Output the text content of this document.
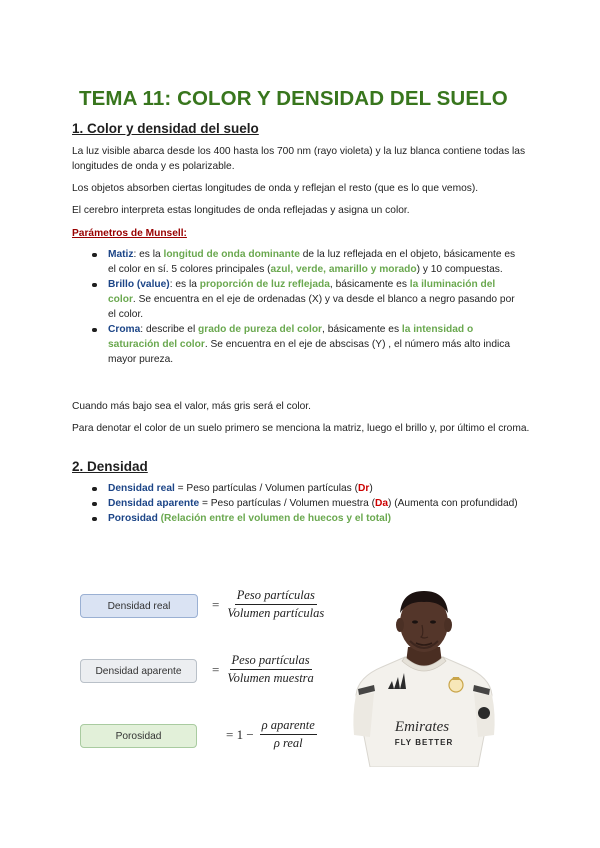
TEMA 11: COLOR Y DENSIDAD DEL SUELO
1. Color y densidad del suelo

La luz visible abarca desde los 400 hasta los 700 nm (rayo violeta) y la luz blanca contiene todas las longitudes de onda y es polarizable.

Los objetos absorben ciertas longitudes de onda y reflejan el resto (que es lo que vemos).

El cerebro interpreta estas longitudes de onda reflejadas y asigna un color.

Parámetros de Munsell:

Matiz: es la longitud de onda dominante de la luz reflejada en el objeto, básicamente es el color en sí. 5 colores principales (azul, verde, amarillo y morado) y 10 compuestas.
Brillo (value): es la proporción de luz reflejada, básicamente es la iluminación del color. Se encuentra en el eje de ordenadas (X) y va desde el blanco a negro pasando por el color.
Croma: describe el grado de pureza del color, básicamente es la intensidad o saturación del color. Se encuentra en el eje de abscisas (Y) , el número más alto indica mayor pureza.

Cuando más bajo sea el valor, más gris será el color.

Para denotar el color de un suelo primero se menciona la matriz, luego el brillo y, por último el croma.

2. Densidad
Densidad real = Peso partículas / Volumen partículas (Dr)
Densidad aparente = Peso partículas / Volumen muestra (Da) (Aumenta con profundidad)
Porosidad (Relación entre el volumen de huecos y el total)
Densidad real	= $\frac{\text{Peso partículas}}{\text{Volumen partículas}}$
Densidad aparente	= $\frac{\text{Peso partículas}}{\text{Volumen muestra}}$
Porosidad	= $1 - \frac{\text{ρ aparente}}{\text{ρ real}}$	Emirates
FLY BETTER
